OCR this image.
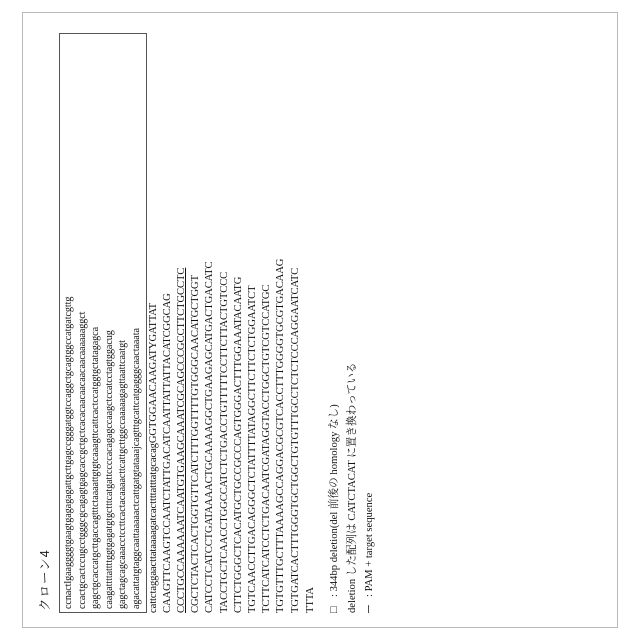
クローン4 ccnactlgaaggggtgaagtgagagagattgcttgagccgggatggtccaggctgcagtggccatgatcgttg ccactgcactccugcctgggcgcagagtgagcaccgctgctcacacaacaacaacaacaaaaaaggct gagctgcaccatgcttgaccagtttctaaaattgtgtcaaagttcattcactccatggtgctatagagca caagattttattttggtgagatgtgctttcatgattccccacagagccaagctccatcctagtggacug gagctagcagcaaacctccttcactacaaaacttcattgcttggccaaaaagagttaattcaatgt agacattatgtaggcaattaaaaactcattgatgtataaajcagtttgcattcatgagggcaactaaata cattctaggaacttataaaagatcacttttatttatgcacagGGTGGAACAAGATYGATTAT CAAGTTCAAGTCCAATCTATTGACATCAATTATTATTACATCGGCAG CCCTGCCAAAAAATCAATGTGAAGCAAATCGCAGCCCGCCTTCTGCCTC CGCTCTACTCACTGGTGTTCATCTTTGGTTTTGTGGGCAACATGCTGGT CATCCTCATCCTGATAAAACTGCAAAAGGCTGAAGAGCATGACTGACATC TACCTGCTCAACCTGGCCATCTCTGACCTGTTTTTCCTTCTTACTGTCCC CTTCTGGGCTCACATGCTGCCGCCCAGTGGGACTTTGGAAATACAATG TGTCAACCTTGACAGGGCTCTATTTTATAGGCTTCTTCTCTGGAATCT TCTTCATCATCCTCTGACAATCGATAGGTACCTGGCTGTCGTCCATGC TGTGTTTGCTTTAAAAGCCAGGACGCGTCACCTTTGGGGTGCGTGACAAG TGTGATCACTTTGGGTGCTGGCTGTGTTTGCCTCTCTCCCAGGAATCATC TTTA
□
: 344bp deletion(del 前後の homology なし) deletion した配列は CATCTACAT に置き換わっている
─ : PAM + target sequence
